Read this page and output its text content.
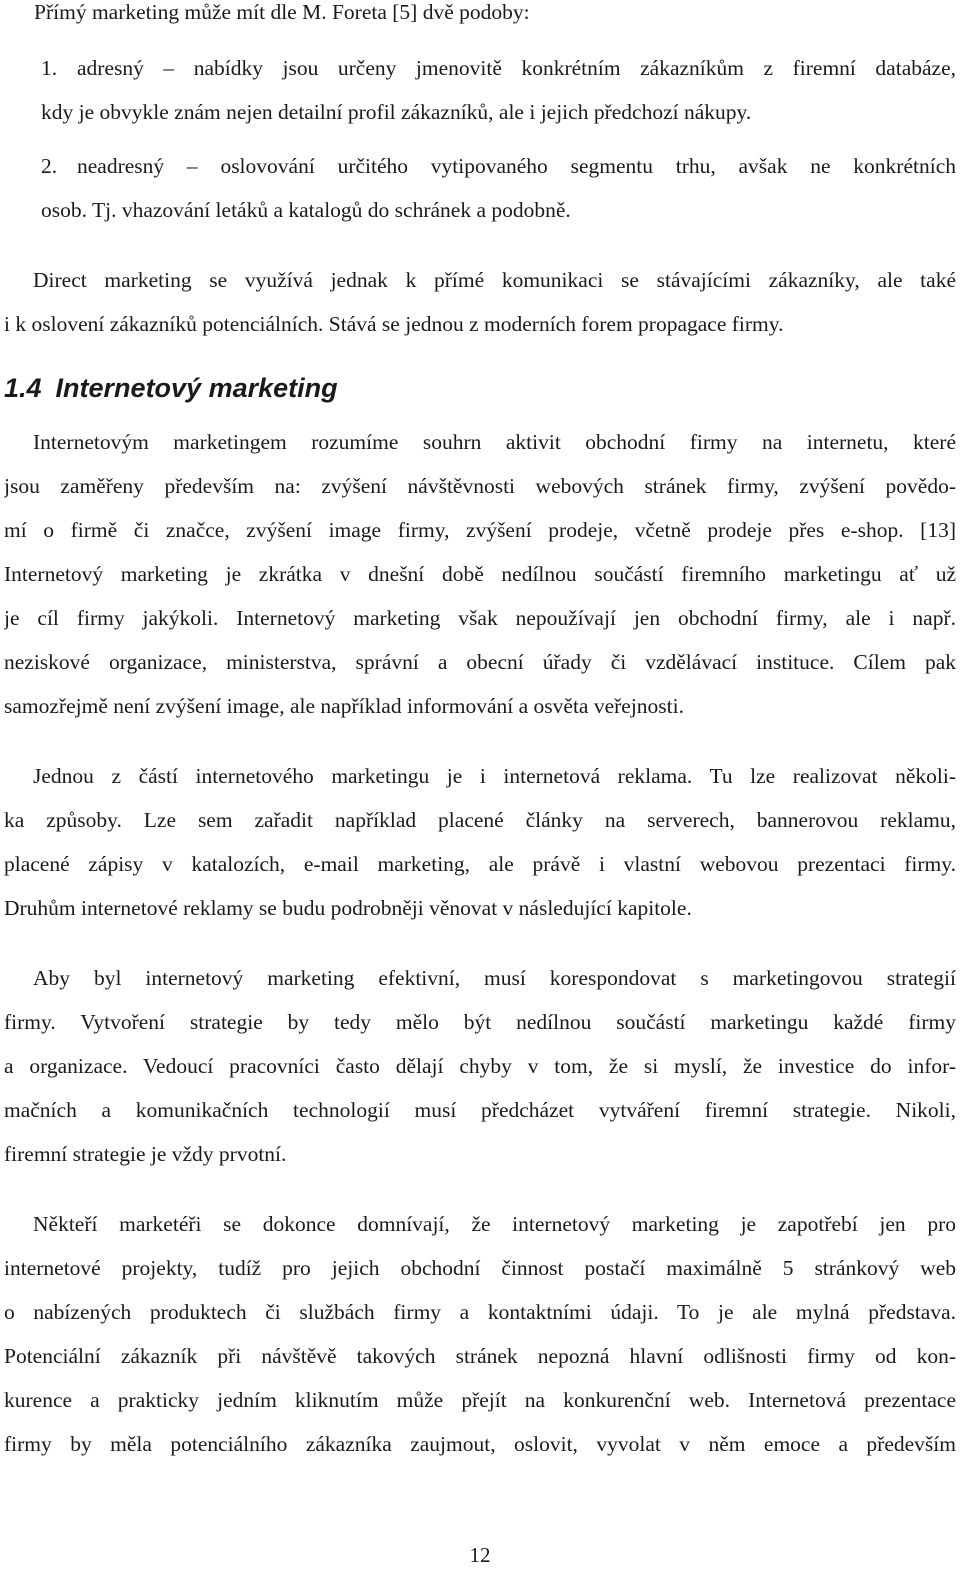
Přímý marketing může mít dle M. Foreta [5] dvě podoby:
1. adresný – nabídky jsou určeny jmenovitě konkrétním zákazníkům z firemní databáze,
kdy je obvykle znám nejen detailní profil zákazníků, ale i jejich předchozí nákupy.
2. neadresný – oslovování určitého vytipovaného segmentu trhu, avšak ne konkrétních
osob. Tj. vhazování letáků a katalogů do schránek a podobně.
Direct marketing se využívá jednak k přímé komunikaci se stávajícími zákazníky, ale také
i k oslovení zákazníků potenciálních. Stává se jednou z moderních forem propagace firmy.
1.4 Internetový marketing
Internetovým marketingem rozumíme souhrn aktivit obchodní firmy na internetu, které
jsou zaměřeny především na: zvýšení návštěvnosti webových stránek firmy, zvýšení povědo-
mí o firmě či značce, zvýšení image firmy, zvýšení prodeje, včetně prodeje přes e-shop. [13]
Internetový marketing je zkrátka v dnešní době nedílnou součástí firemního marketingu ať už
je cíl firmy jakýkoli. Internetový marketing však nepoužívají jen obchodní firmy, ale i např.
neziskové organizace, ministerstva, správní a obecní úřady či vzdělávací instituce. Cílem pak
samozřejmě není zvýšení image, ale například informování a osvěta veřejnosti.
Jednou z částí internetového marketingu je i internetová reklama. Tu lze realizovat několi-
ka způsoby. Lze sem zařadit například placené články na serverech, bannerovou reklamu,
placené zápisy v katalozích, e-mail marketing, ale právě i vlastní webovou prezentaci firmy.
Druhům internetové reklamy se budu podrobněji věnovat v následující kapitole.
Aby byl internetový marketing efektivní, musí korespondovat s marketingovou strategií
firmy. Vytvoření strategie by tedy mělo být nedílnou součástí marketingu každé firmy
a organizace. Vedoucí pracovníci často dělají chyby v tom, že si myslí, že investice do infor-
mačních a komunikačních technologií musí předcházet vytváření firemní strategie. Nikoli,
firemní strategie je vždy prvotní.
Někteří marketéři se dokonce domnívají, že internetový marketing je zapotřebí jen pro
internetové projekty, tudíž pro jejich obchodní činnost postačí maximálně 5 stránkový web
o nabízených produktech či službách firmy a kontaktními údaji. To je ale mylná představa.
Potenciální zákazník při návštěvě takových stránek nepozná hlavní odlišnosti firmy od kon-
kurence a prakticky jedním kliknutím může přejít na konkurenční web. Internetová prezentace
firmy by měla potenciálního zákazníka zaujmout, oslovit, vyvolat v něm emoce a především
12
